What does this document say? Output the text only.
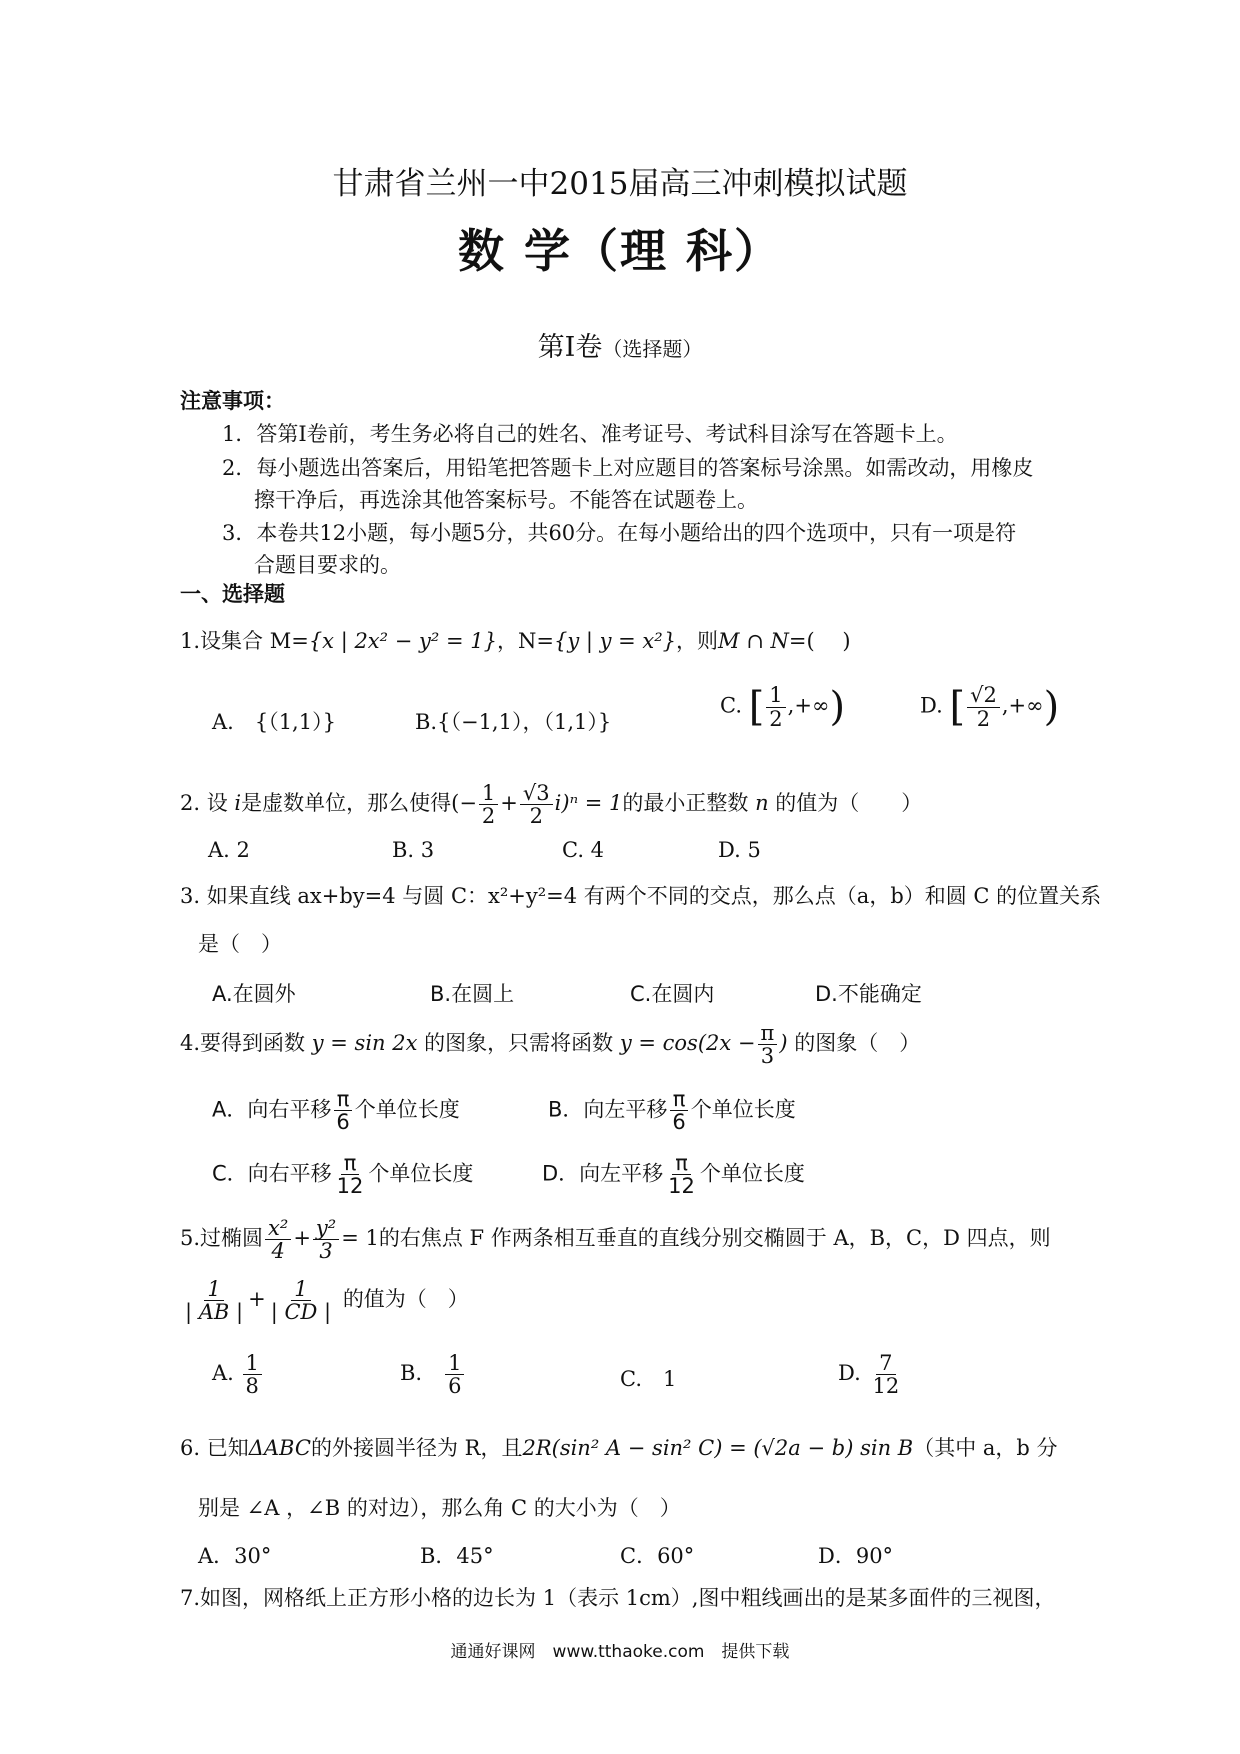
甘肃省兰州一中2015届高三冲刺模拟试题
数 学（理 科）
第Ⅰ卷（选择题）
注意事项：
1．答第Ⅰ卷前，考生务必将自己的姓名、准考证号、考试科目涂写在答题卡上。
2．每小题选出答案后，用铅笔把答题卡上对应题目的答案标号涂黑。如需改动，用橡皮
擦干净后，再选涂其他答案标号。不能答在试题卷上。
3．本卷共12小题，每小题5分，共60分。在每小题给出的四个选项中，只有一项是符
合题目要求的。
一、选择题
1.设集合 M={x | 2x² − y² = 1}，N={y | y = x²}，则M ∩ N=(　 )
A.　{（1,1）}	B.{（−1,1），（1,1）}
C. [ $\frac{1}{2}$ ,+∞)	D. [ $\frac{√2}{2}$ ,+∞)
2. 设 i是虚数单位，那么使得(− $\frac{1}{2} + \frac{√3}{2} i)^n = 1$的最小正整数 n 的值为（　　）
A. 2	B. 3	C. 4	D. 5
3. 如果直线 ax+by=4 与圆 C：x²+y²=4 有两个不同的交点，那么点（a，b）和圆 C 的位置关系
是（　）
A.在圆外	B.在圆上	C.在圆内	D.不能确定
4.要得到函数 y = sin 2x 的图象，只需将函数 $y = \cos(2x - \frac{\pi}{3}$ ) 的图象（　）
A．向右平移 $\frac{\pi}{6}$ 个单位长度	B．向左平移 $\frac{\pi}{6}$ 个单位长度
C．向右平移 $\frac{\pi}{12}$ 个单位长度	D．向左平移 $\frac{\pi}{12}$ 个单位长度
5.过椭圆 $\frac{\text{x²}}{4} + \frac{\text{y²}}{3} = 1$的右焦点 F 作两条相互垂直的直线分别交椭圆于 A，B，C，D 四点，则
$\frac{1}{| AB |} + \frac{1}{| CD |}$ 的值为（　）
A. $\frac{1}{8}$	B.　 $\frac{1}{6}$	C.　1	D. $\frac{7}{12}$
6. 已知ΔABC的外接圆半径为 R，且2R(sin² A − sin² C) = (√2a − b) sin B（其中 a，b 分
别是 ∠A ，∠B 的对边），那么角 C 的大小为（　）
A．30°	B．45°	C．60°	D．90°
7.如图，网格纸上正方形小格的边长为 1（表示 1cm）,图中粗线画出的是某多面件的三视图，
通通好课网　www.tthaoke.com　提供下载
